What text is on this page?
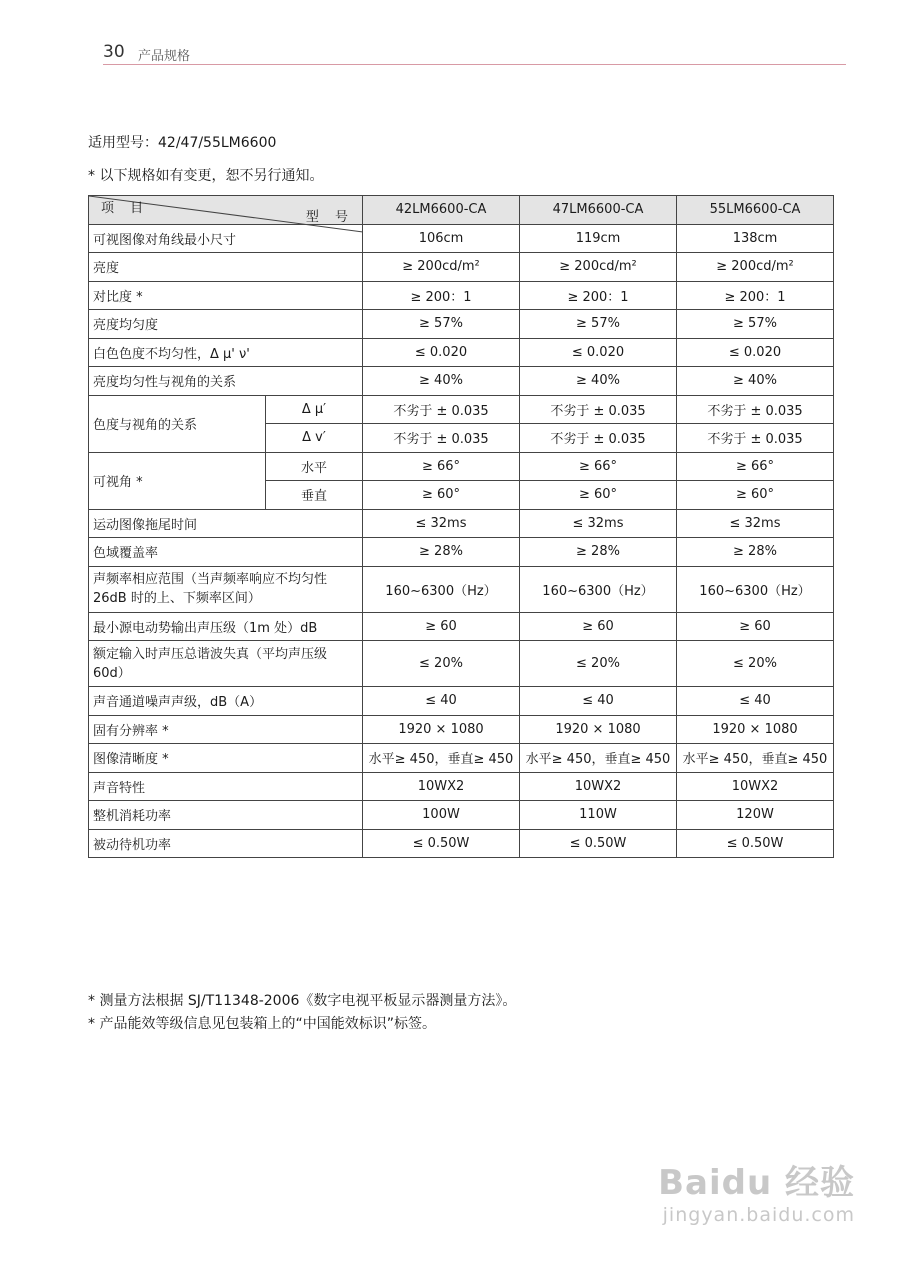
30 产品规格
适用型号：42/47/55LM6600
* 以下规格如有变更，恕不另行通知。
型 号
项 目		42LM6600-CA	47LM6600-CA	55LM6600-CA
可视图像对角线最小尺寸		106cm	119cm	138cm
亮度		≥ 200cd/m²	≥ 200cd/m²	≥ 200cd/m²
对比度 *		≥ 200：1	≥ 200：1	≥ 200：1
亮度均匀度		≥ 57%	≥ 57%	≥ 57%
白色色度不均匀性，Δ μ' ν'		≤ 0.020	≤ 0.020	≤ 0.020
亮度均匀性与视角的关系		≥ 40%	≥ 40%	≥ 40%
色度与视角的关系	Δ μ′	不劣于 ± 0.035	不劣于 ± 0.035	不劣于 ± 0.035
	Δ v′	不劣于 ± 0.035	不劣于 ± 0.035	不劣于 ± 0.035
可视角 *	水平	≥ 66°	≥ 66°	≥ 66°
	垂直	≥ 60°	≥ 60°	≥ 60°
运动图像拖尾时间		≤ 32ms	≤ 32ms	≤ 32ms
色域覆盖率		≥ 28%	≥ 28%	≥ 28%
声频率相应范围（当声频率响应不均匀性 26dB 时的上、下频率区间）		160~6300（Hz）	160~6300（Hz）	160~6300（Hz）
最小源电动势输出声压级（1m 处）dB		≥ 60	≥ 60	≥ 60
额定输入时声压总谐波失真（平均声压级 60d）		≤ 20%	≤ 20%	≤ 20%
声音通道噪声声级，dB（A）		≤ 40	≤ 40	≤ 40
固有分辨率 *		1920 × 1080	1920 × 1080	1920 × 1080
图像清晰度 *		水平≥ 450，垂直≥ 450	水平≥ 450，垂直≥ 450	水平≥ 450，垂直≥ 450
声音特性		10WX2	10WX2	10WX2
整机消耗功率		100W	110W	120W
被动待机功率		≤ 0.50W	≤ 0.50W	≤ 0.50W
* 测量方法根据 SJ/T11348-2006《数字电视平板显示器测量方法》。
* 产品能效等级信息见包装箱上的“中国能效标识”标签。
Baidu 经验
jingyan.baidu.com
